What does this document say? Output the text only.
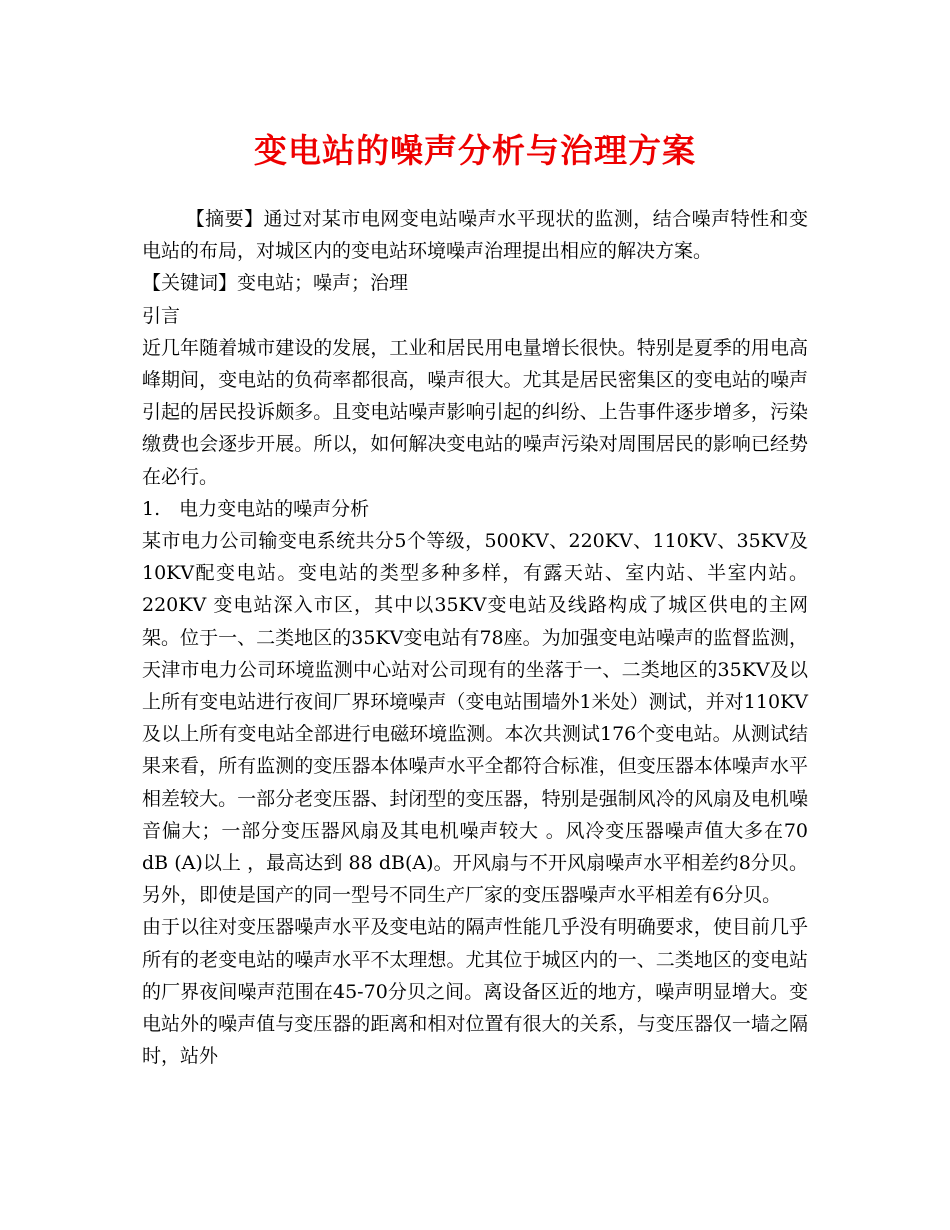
变电站的噪声分析与治理方案

【摘要】通过对某市电网变电站噪声水平现状的监测，结合噪声特性和变电站的布局，对城区内的变电站环境噪声治理提出相应的解决方案。

【关键词】变电站；噪声；治理

引言

近几年随着城市建设的发展，工业和居民用电量增长很快。特别是夏季的用电高峰期间，变电站的负荷率都很高，噪声很大。尤其是居民密集区的变电站的噪声引起的居民投诉颇多。且变电站噪声影响引起的纠纷、上告事件逐步增多，污染缴费也会逐步开展。所以，如何解决变电站的噪声污染对周围居民的影响已经势在必行。

1.　电力变电站的噪声分析

某市电力公司输变电系统共分5个等级，500KV、220KV、110KV、35KV及10KV配变电站。变电站的类型多种多样，有露天站、室内站、半室内站。220KV 变电站深入市区，其中以35KV变电站及线路构成了城区供电的主网架。位于一、二类地区的35KV变电站有78座。为加强变电站噪声的监督监测，天津市电力公司环境监测中心站对公司现有的坐落于一、二类地区的35KV及以上所有变电站进行夜间厂界环境噪声（变电站围墙外1米处）测试，并对110KV及以上所有变电站全部进行电磁环境监测。本次共测试176个变电站。从测试结果来看，所有监测的变压器本体噪声水平全都符合标准，但变压器本体噪声水平相差较大。一部分老变压器、封闭型的变压器，特别是强制风冷的风扇及电机噪音偏大；一部分变压器风扇及其电机噪声较大 。风冷变压器噪声值大多在70 dB (A)以上 ，最高达到 88 dB(A)。开风扇与不开风扇噪声水平相差约8分贝。另外，即使是国产的同一型号不同生产厂家的变压器噪声水平相差有6分贝。

由于以往对变压器噪声水平及变电站的隔声性能几乎没有明确要求，使目前几乎所有的老变电站的噪声水平不太理想。尤其位于城区内的一、二类地区的变电站的厂界夜间噪声范围在45-70分贝之间。离设备区近的地方，噪声明显增大。变电站外的噪声值与变压器的距离和相对位置有很大的关系，与变压器仅一墙之隔时，站外
